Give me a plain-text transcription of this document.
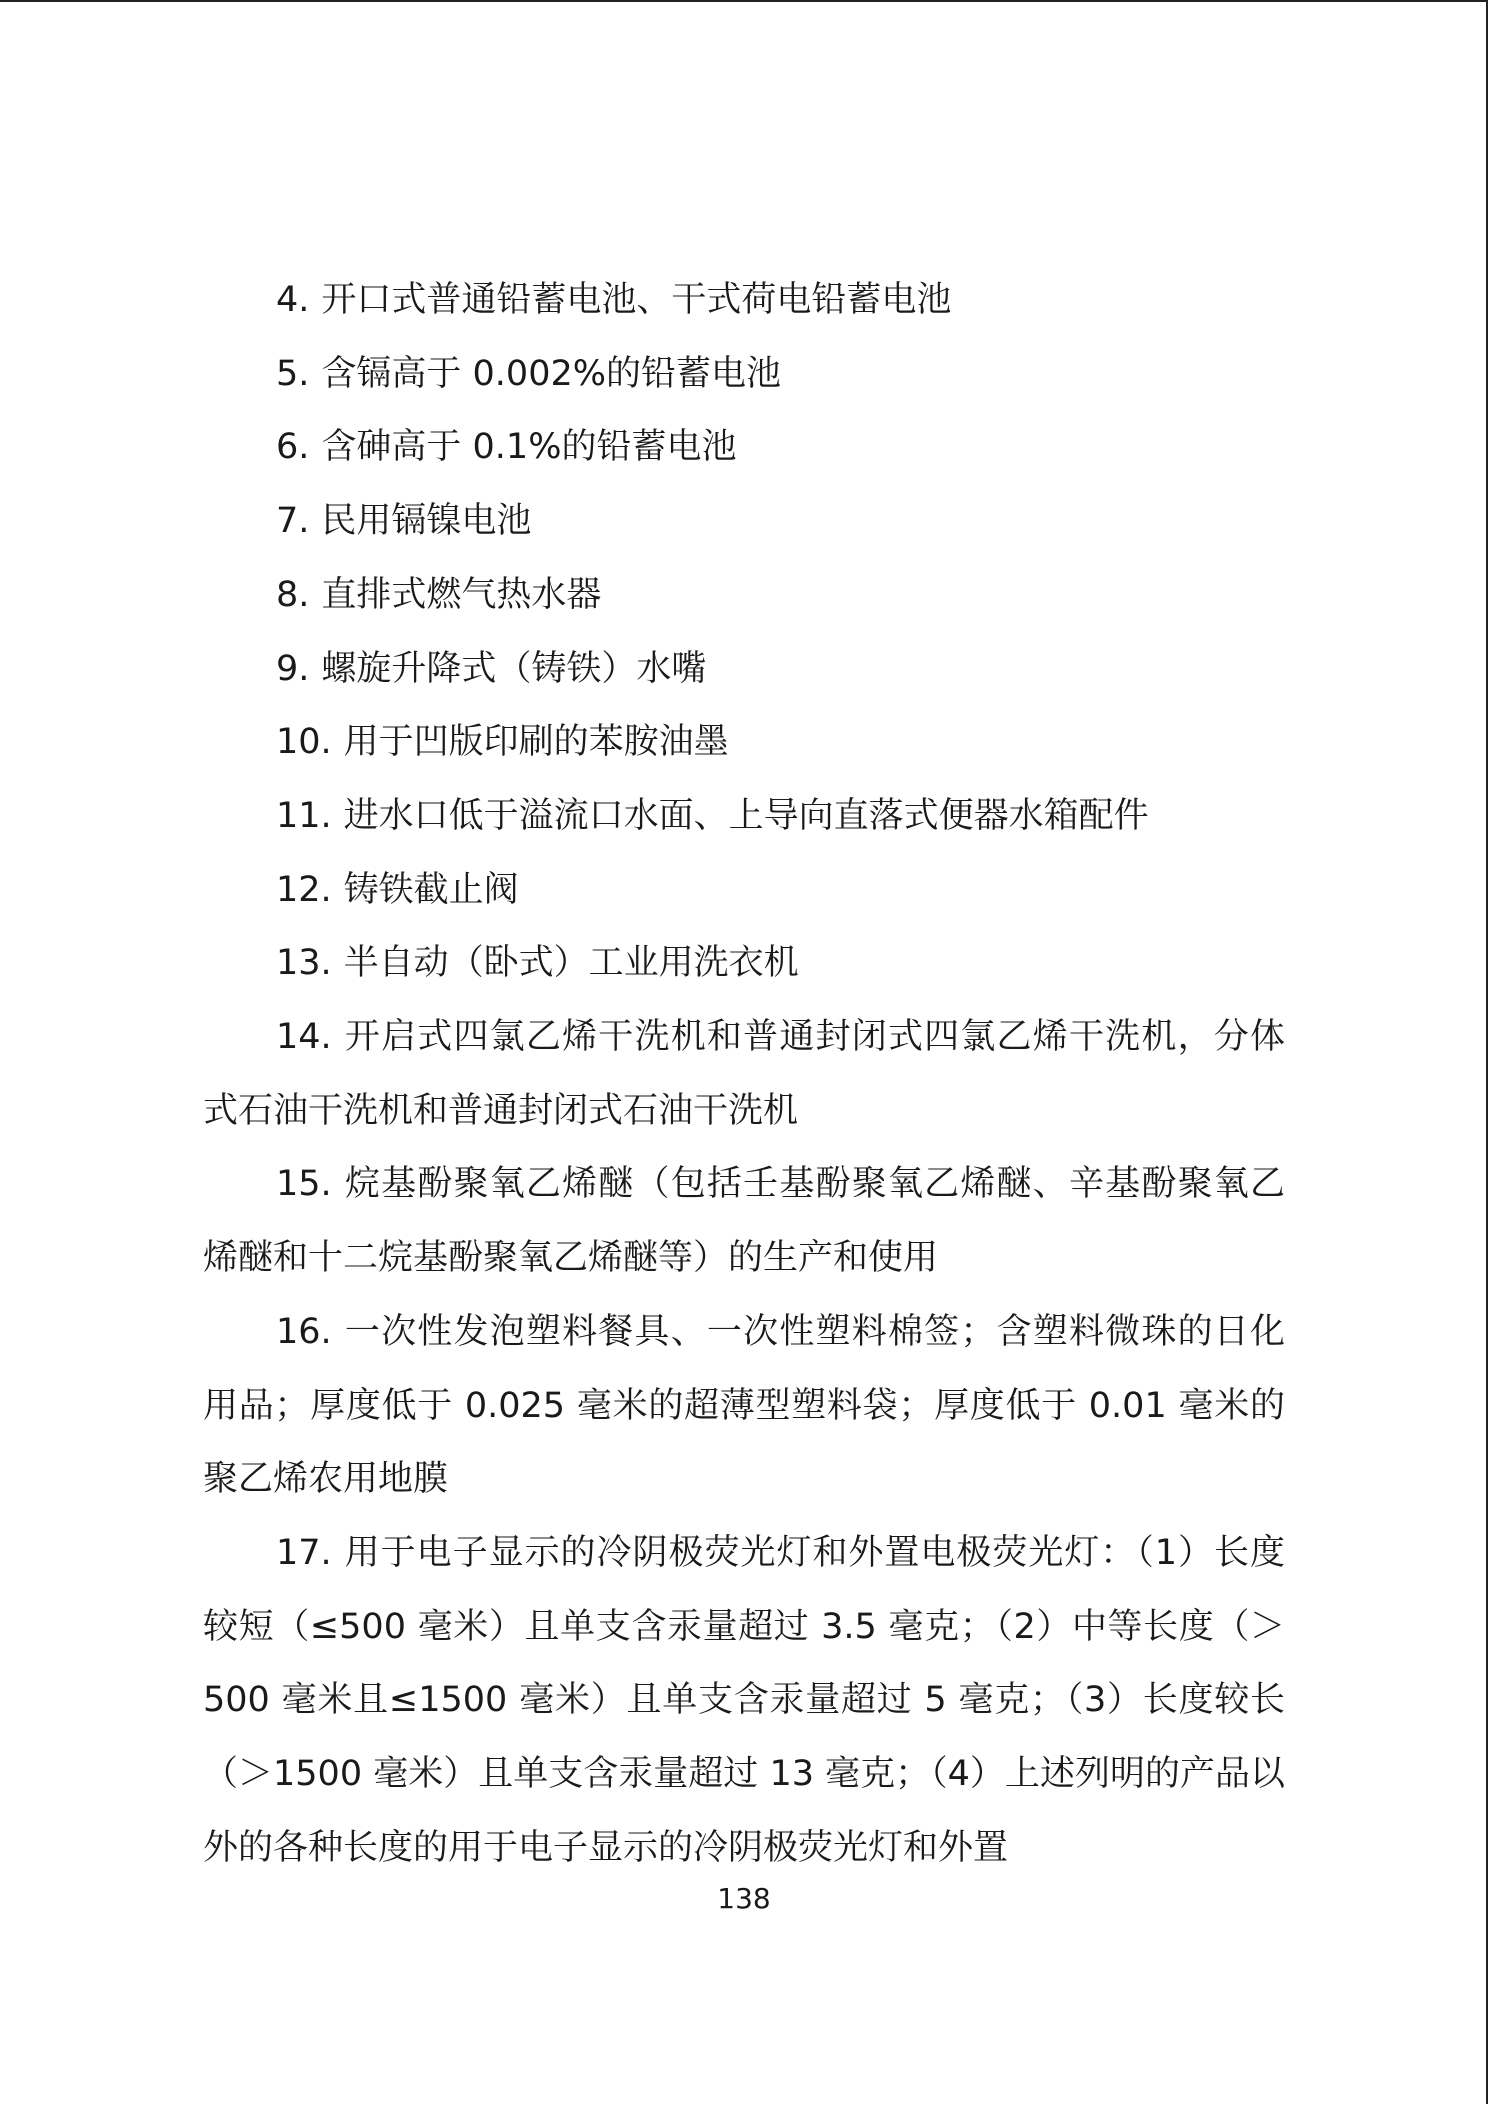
4. 开口式普通铅蓄电池、干式荷电铅蓄电池

5. 含镉高于 0.002%的铅蓄电池

6. 含砷高于 0.1%的铅蓄电池

7. 民用镉镍电池

8. 直排式燃气热水器

9. 螺旋升降式（铸铁）水嘴

10. 用于凹版印刷的苯胺油墨

11. 进水口低于溢流口水面、上导向直落式便器水箱配件

12. 铸铁截止阀

13. 半自动（卧式）工业用洗衣机

14. 开启式四氯乙烯干洗机和普通封闭式四氯乙烯干洗机，分体式石油干洗机和普通封闭式石油干洗机

15. 烷基酚聚氧乙烯醚（包括壬基酚聚氧乙烯醚、辛基酚聚氧乙烯醚和十二烷基酚聚氧乙烯醚等）的生产和使用

16. 一次性发泡塑料餐具、一次性塑料棉签；含塑料微珠的日化用品；厚度低于 0.025 毫米的超薄型塑料袋；厚度低于 0.01 毫米的聚乙烯农用地膜

17. 用于电子显示的冷阴极荧光灯和外置电极荧光灯：（1）长度较短（≤500 毫米）且单支含汞量超过 3.5 毫克；（2）中等长度（＞500 毫米且≤1500 毫米）且单支含汞量超过 5 毫克；（3）长度较长（＞1500 毫米）且单支含汞量超过 13 毫克；（4）上述列明的产品以外的各种长度的用于电子显示的冷阴极荧光灯和外置

138
